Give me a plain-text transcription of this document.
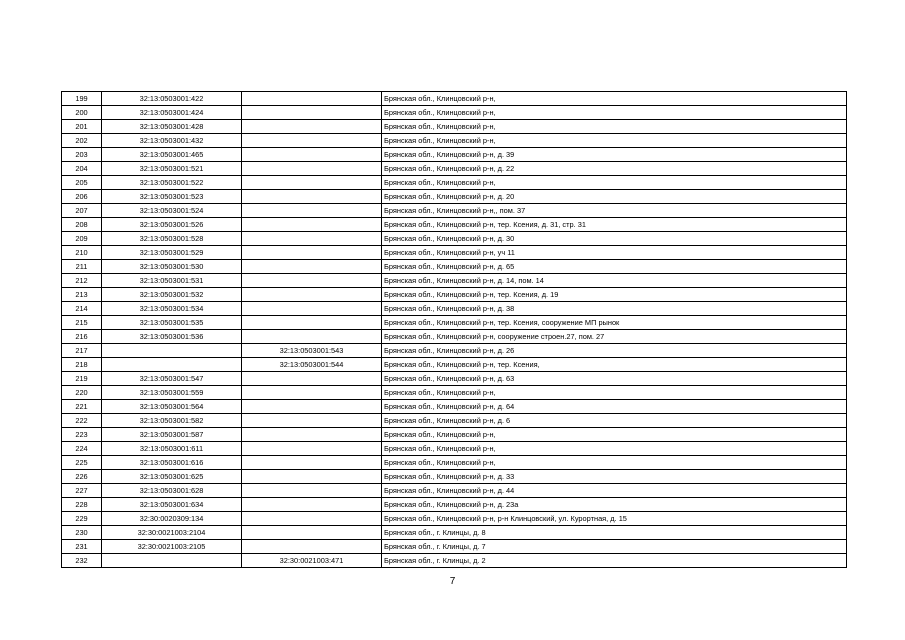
199	32:13:0503001:422		Брянская обл., Клинцовский р-н,
200	32:13:0503001:424		Брянская обл., Клинцовский р-н,
201	32:13:0503001:428		Брянская обл., Клинцовский р-н,
202	32:13:0503001:432		Брянская обл., Клинцовский р-н,
203	32:13:0503001:465		Брянская обл., Клинцовский р-н, д. 39
204	32:13:0503001:521		Брянская обл., Клинцовский р-н, д. 22
205	32:13:0503001:522		Брянская обл., Клинцовский р-н,
206	32:13:0503001:523		Брянская обл., Клинцовский р-н, д. 20
207	32:13:0503001:524		Брянская обл., Клинцовский р-н,, пом. 37
208	32:13:0503001:526		Брянская обл., Клинцовский р-н, тер. Ксения, д. 31, стр. 31
209	32:13:0503001:528		Брянская обл., Клинцовский р-н, д. 30
210	32:13:0503001:529		Брянская обл., Клинцовский р-н, уч 11
211	32:13:0503001:530		Брянская обл., Клинцовский р-н, д. 65
212	32:13:0503001:531		Брянская обл., Клинцовский р-н, д. 14, пом. 14
213	32:13:0503001:532		Брянская обл., Клинцовский р-н, тер. Ксения, д. 19
214	32:13:0503001:534		Брянская обл., Клинцовский р-н, д. 38
215	32:13:0503001:535		Брянская обл., Клинцовский р-н, тер. Ксения, сооружение МП рынок
216	32:13:0503001:536		Брянская обл., Клинцовский р-н, сооружение строен.27, пом. 27
217		32:13:0503001:543	Брянская обл., Клинцовский р-н, д. 26
218		32:13:0503001:544	Брянская обл., Клинцовский р-н, тер. Ксения,
219	32:13:0503001:547		Брянская обл., Клинцовский р-н, д. 63
220	32:13:0503001:559		Брянская обл., Клинцовский р-н,
221	32:13:0503001:564		Брянская обл., Клинцовский р-н, д. 64
222	32:13:0503001:582		Брянская обл., Клинцовский р-н, д. 6
223	32:13:0503001:587		Брянская обл., Клинцовский р-н,
224	32:13:0503001:611		Брянская обл., Клинцовский р-н,
225	32:13:0503001:616		Брянская обл., Клинцовский р-н,
226	32:13:0503001:625		Брянская обл., Клинцовский р-н, д. 33
227	32:13:0503001:628		Брянская обл., Клинцовский р-н, д. 44
228	32:13:0503001:634		Брянская обл., Клинцовский р-н, д. 23а
229	32:30:0020309:134		Брянская обл., Клинцовский р-н, р-н Клинцовский, ул. Курортная, д. 15
230	32:30:0021003:2104		Брянская обл., г. Клинцы, д. 8
231	32:30:0021003:2105		Брянская обл., г. Клинцы, д. 7
232		32:30:0021003:471	Брянская обл., г. Клинцы, д. 2
7
